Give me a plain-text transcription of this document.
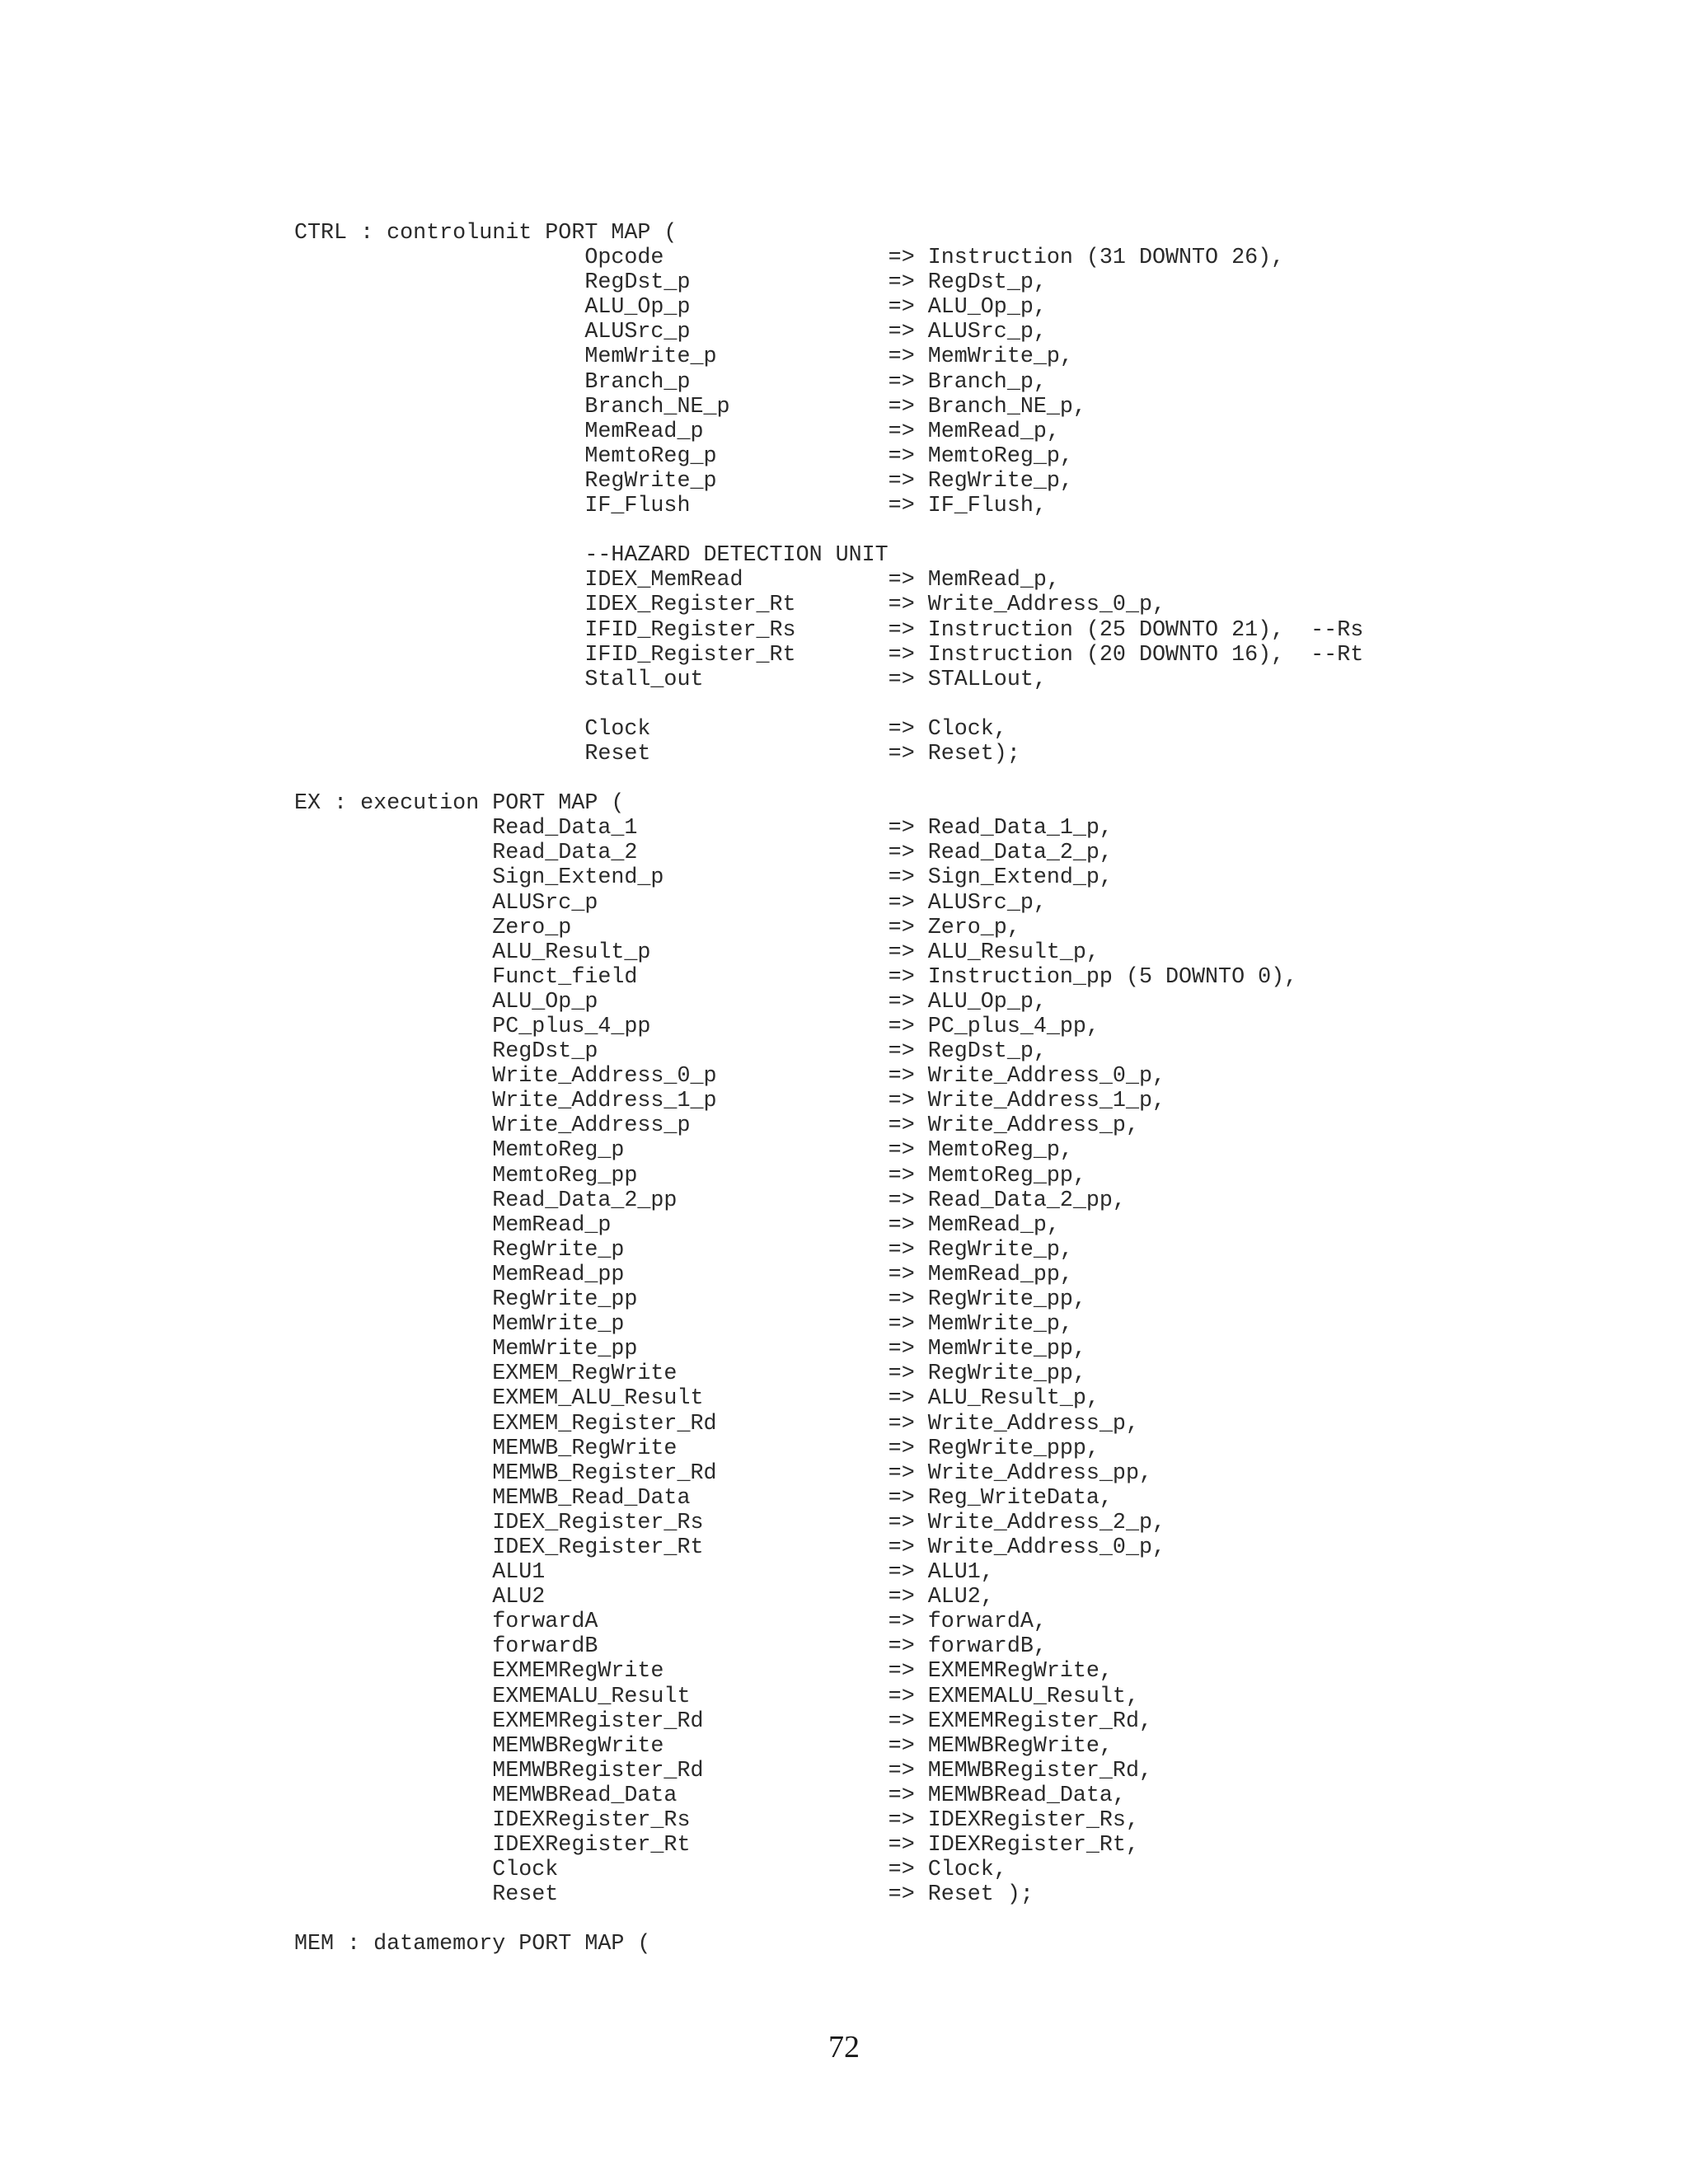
CTRL : controlunit PORT MAP (
Opcode                 => Instruction (31 DOWNTO 26),
RegDst_p               => RegDst_p,
ALU_Op_p               => ALU_Op_p,
ALUSrc_p               => ALUSrc_p,
MemWrite_p             => MemWrite_p,
Branch_p               => Branch_p,
Branch_NE_p            => Branch_NE_p,
MemRead_p              => MemRead_p,
MemtoReg_p             => MemtoReg_p,
RegWrite_p             => RegWrite_p,
IF_Flush               => IF_Flush,
--HAZARD DETECTION UNIT
IDEX_MemRead           => MemRead_p,
IDEX_Register_Rt       => Write_Address_0_p,
IFID_Register_Rs       => Instruction (25 DOWNTO 21),  --Rs
IFID_Register_Rt       => Instruction (20 DOWNTO 16),  --Rt
Stall_out              => STALLout,
Clock                  => Clock,
Reset                  => Reset);
EX : execution PORT MAP (
Read_Data_1                   => Read_Data_1_p,
Read_Data_2                   => Read_Data_2_p,
Sign_Extend_p                 => Sign_Extend_p,
ALUSrc_p                      => ALUSrc_p,
Zero_p                        => Zero_p,
ALU_Result_p                  => ALU_Result_p,
Funct_field                   => Instruction_pp (5 DOWNTO 0),
ALU_Op_p                      => ALU_Op_p,
PC_plus_4_pp                  => PC_plus_4_pp,
RegDst_p                      => RegDst_p,
Write_Address_0_p             => Write_Address_0_p,
Write_Address_1_p             => Write_Address_1_p,
Write_Address_p               => Write_Address_p,
MemtoReg_p                    => MemtoReg_p,
MemtoReg_pp                   => MemtoReg_pp,
Read_Data_2_pp                => Read_Data_2_pp,
MemRead_p                     => MemRead_p,
RegWrite_p                    => RegWrite_p,
MemRead_pp                    => MemRead_pp,
RegWrite_pp                   => RegWrite_pp,
MemWrite_p                    => MemWrite_p,
MemWrite_pp                   => MemWrite_pp,
EXMEM_RegWrite                => RegWrite_pp,
EXMEM_ALU_Result              => ALU_Result_p,
EXMEM_Register_Rd             => Write_Address_p,
MEMWB_RegWrite                => RegWrite_ppp,
MEMWB_Register_Rd             => Write_Address_pp,
MEMWB_Read_Data               => Reg_WriteData,
IDEX_Register_Rs              => Write_Address_2_p,
IDEX_Register_Rt              => Write_Address_0_p,
ALU1                          => ALU1,
ALU2                          => ALU2,
forwardA                      => forwardA,
forwardB                      => forwardB,
EXMEMRegWrite                 => EXMEMRegWrite,
EXMEMALU_Result               => EXMEMALU_Result,
EXMEMRegister_Rd              => EXMEMRegister_Rd,
MEMWBRegWrite                 => MEMWBRegWrite,
MEMWBRegister_Rd              => MEMWBRegister_Rd,
MEMWBRead_Data                => MEMWBRead_Data,
IDEXRegister_Rs               => IDEXRegister_Rs,
IDEXRegister_Rt               => IDEXRegister_Rt,
Clock                         => Clock,
Reset                         => Reset );
MEM : datamemory PORT MAP (
72
